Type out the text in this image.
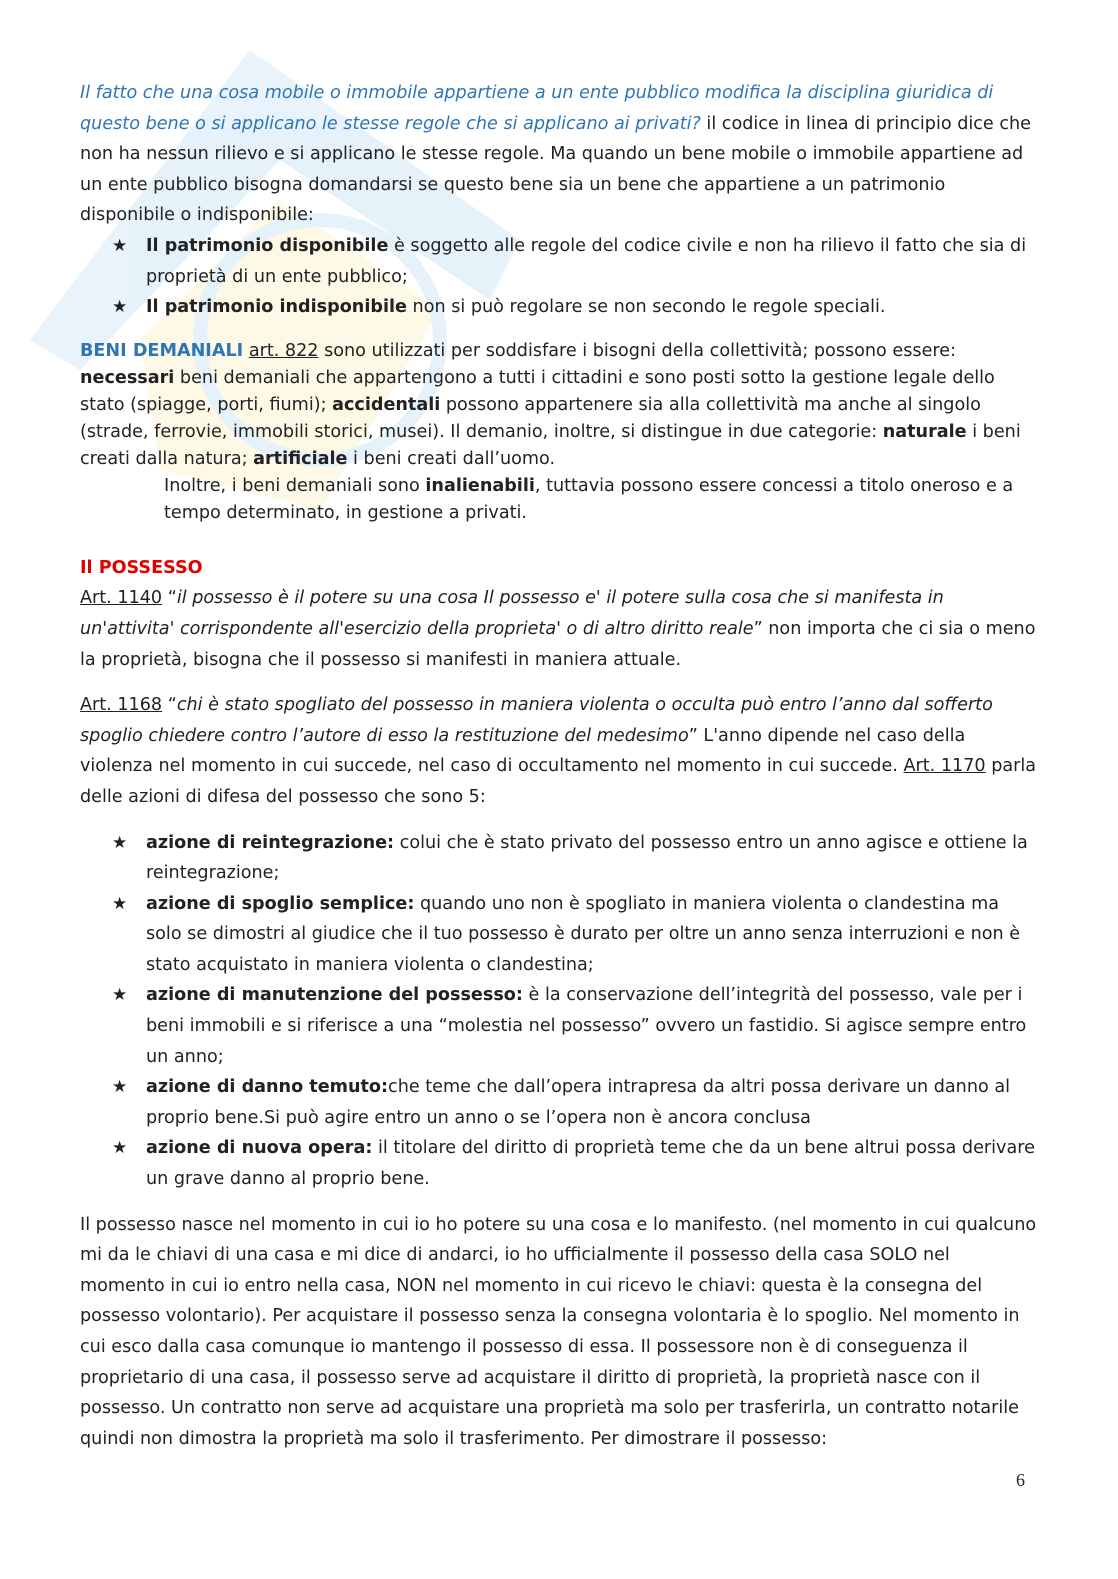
Il fatto che una cosa mobile o immobile appartiene a un ente pubblico modifica la disciplina giuridica di questo bene o si applicano le stesse regole che si applicano ai privati? il codice in linea di principio dice che non ha nessun rilievo e si applicano le stesse regole. Ma quando un bene mobile o immobile appartiene ad un ente pubblico bisogna domandarsi se questo bene sia un bene che appartiene a un patrimonio disponibile o indisponibile:

★ Il patrimonio disponibile è soggetto alle regole del codice civile e non ha rilievo il fatto che sia di proprietà di un ente pubblico;
★ Il patrimonio indisponibile non si può regolare se non secondo le regole speciali.

BENI DEMANIALI art. 822 sono utilizzati per soddisfare i bisogni della collettività; possono essere: necessari beni demaniali che appartengono a tutti i cittadini e sono posti sotto la gestione legale dello stato (spiagge, porti, fiumi); accidentali possono appartenere sia alla collettività ma anche al singolo (strade, ferrovie, immobili storici, musei). Il demanio, inoltre, si distingue in due categorie: naturale i beni creati dalla natura; artificiale i beni creati dall’uomo.

Inoltre, i beni demaniali sono inalienabili, tuttavia possono essere concessi a titolo oneroso e a tempo determinato, in gestione a privati.

Il POSSESSO

Art. 1140 “il possesso è il potere su una cosa Il possesso e' il potere sulla cosa che si manifesta in un'attivita' corrispondente all'esercizio della proprieta' o di altro diritto reale” non importa che ci sia o meno la proprietà, bisogna che il possesso si manifesti in maniera attuale.

Art. 1168 “chi è stato spogliato del possesso in maniera violenta o occulta può entro l’anno dal sofferto spoglio chiedere contro l’autore di esso la restituzione del medesimo” L'anno dipende nel caso della violenza nel momento in cui succede, nel caso di occultamento nel momento in cui succede. Art. 1170 parla delle azioni di difesa del possesso che sono 5:

★ azione di reintegrazione: colui che è stato privato del possesso entro un anno agisce e ottiene la reintegrazione;
★ azione di spoglio semplice: quando uno non è spogliato in maniera violenta o clandestina ma solo se dimostri al giudice che il tuo possesso è durato per oltre un anno senza interruzioni e non è stato acquistato in maniera violenta o clandestina;
★ azione di manutenzione del possesso: è la conservazione dell’integrità del possesso, vale per i beni immobili e si riferisce a una “molestia nel possesso” ovvero un fastidio. Si agisce sempre entro un anno;
★ azione di danno temuto:che teme che dall’opera intrapresa da altri possa derivare un danno al proprio bene.Si può agire entro un anno o se l’opera non è ancora conclusa
★ azione di nuova opera: il titolare del diritto di proprietà teme che da un bene altrui possa derivare un grave danno al proprio bene.

Il possesso nasce nel momento in cui io ho potere su una cosa e lo manifesto. (nel momento in cui qualcuno mi da le chiavi di una casa e mi dice di andarci, io ho ufficialmente il possesso della casa SOLO nel momento in cui io entro nella casa, NON nel momento in cui ricevo le chiavi: questa è la consegna del possesso volontario). Per acquistare il possesso senza la consegna volontaria è lo spoglio. Nel momento in cui esco dalla casa comunque io mantengo il possesso di essa. Il possessore non è di conseguenza il proprietario di una casa, il possesso serve ad acquistare il diritto di proprietà, la proprietà nasce con il possesso. Un contratto non serve ad acquistare una proprietà ma solo per trasferirla, un contratto notarile quindi non dimostra la proprietà ma solo il trasferimento. Per dimostrare il possesso:

6
